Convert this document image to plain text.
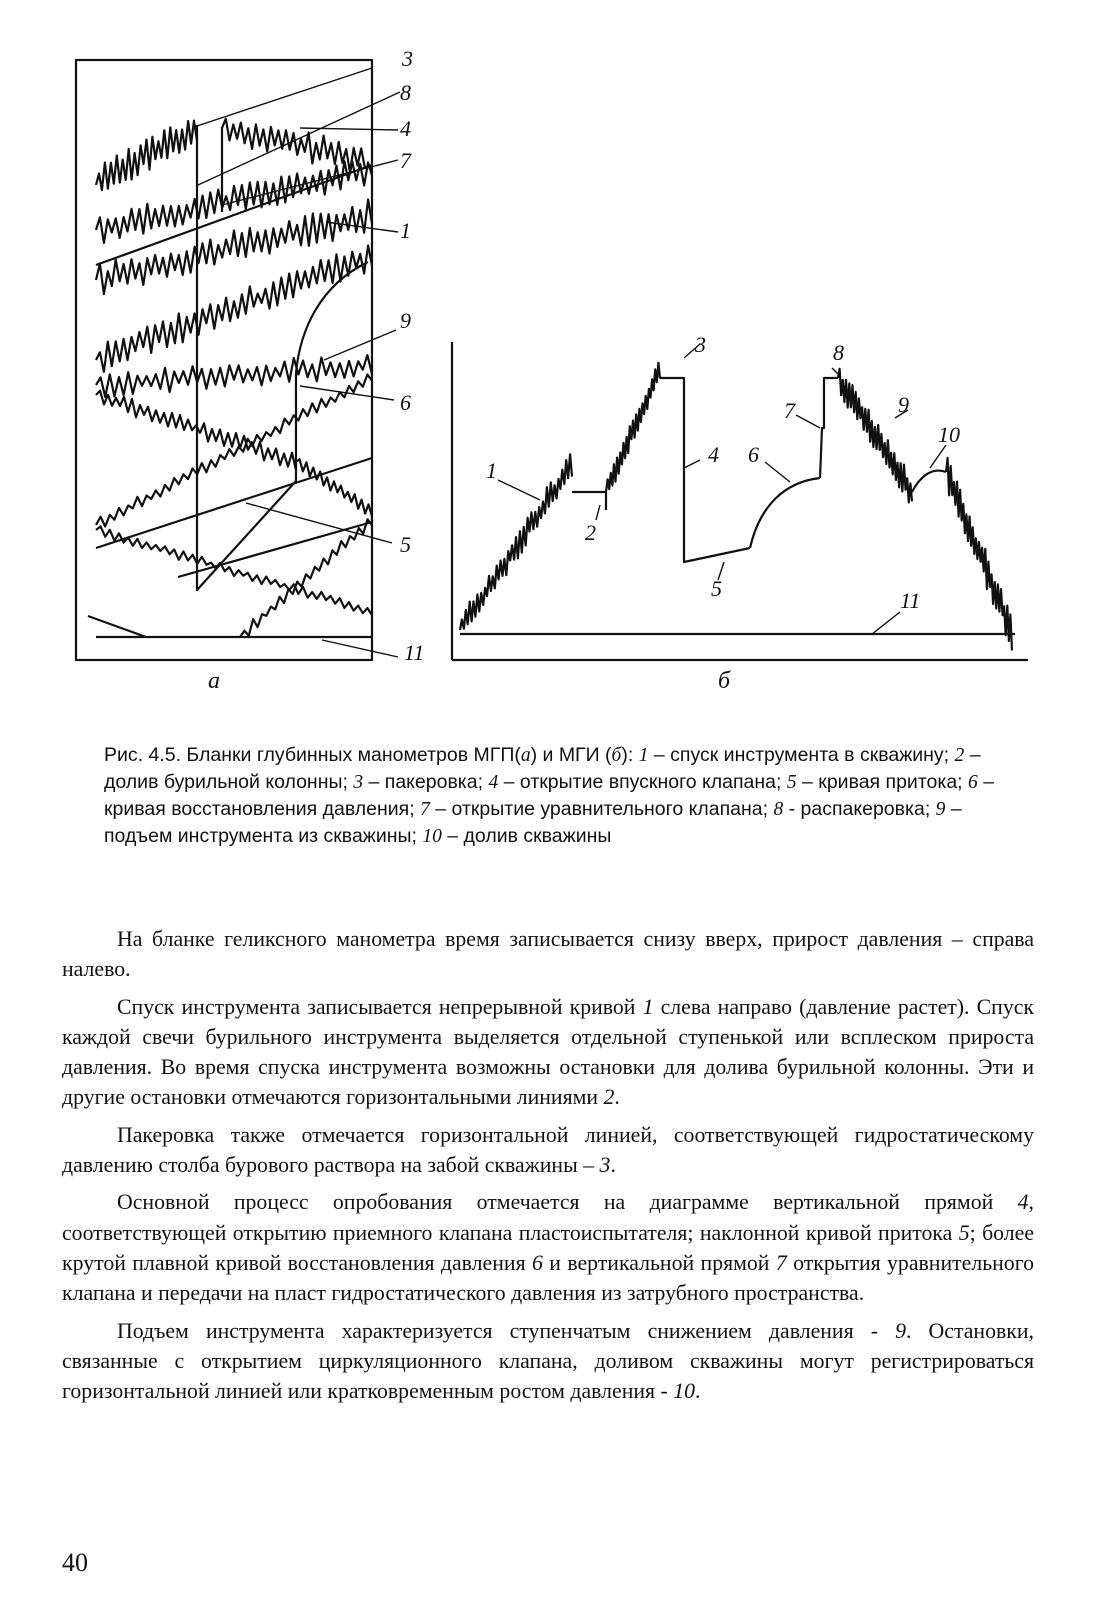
3
8
4
7
1
9
6
5
11
1
2
3
4
5
6
7
8
9
10
11
а	б
Рис. 4.5. Бланки глубинных манометров МГП(а) и МГИ (б): 1 – спуск инструмента в скважину; 2 – долив бурильной колонны; 3 – пакеровка; 4 – открытие впускного клапана; 5 – кривая притока; 6 – кривая восстановления давления; 7 – открытие уравнительного клапана; 8 - распакеровка; 9 – подъем инструмента из скважины; 10 – долив скважины

На бланке геликсного манометра время записывается снизу вверх, прирост давления – справа налево.

Спуск инструмента записывается непрерывной кривой 1 слева направо (давление растет). Спуск каждой свечи бурильного инструмента выделяется отдельной ступенькой или всплеском прироста давления. Во время спуска инструмента возможны остановки для долива бурильной колонны. Эти и другие остановки отмечаются горизонтальными линиями 2.

Пакеровка также отмечается горизонтальной линией, соответствующей гидростатическому давлению столба бурового раствора на забой скважины – 3.

Основной процесс опробования отмечается на диаграмме вертикальной прямой 4, соответствующей открытию приемного клапана пластоиспытателя; наклонной кривой притока 5; более крутой плавной кривой восстановления давления 6 и вертикальной прямой 7 открытия уравнительного клапана и передачи на пласт гидростатического давления из затрубного пространства.

Подъем инструмента характеризуется ступенчатым снижением давления - 9. Остановки, связанные с открытием циркуляционного клапана, доливом скважины могут регистрироваться горизонтальной линией или кратковременным ростом давления - 10.

40
